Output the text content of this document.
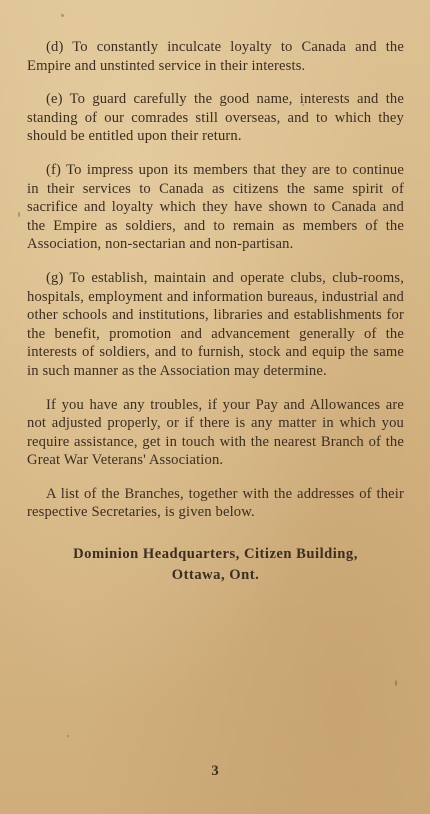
(d) To constantly inculcate loyalty to Canada and the Empire and unstinted service in their interests.

(e) To guard carefully the good name, interests and the standing of our comrades still overseas, and to which they should be entitled upon their return.

(f) To impress upon its members that they are to continue in their services to Canada as citizens the same spirit of sacrifice and loyalty which they have shown to Canada and the Empire as soldiers, and to remain as members of the Association, non-sectarian and non-partisan.

(g) To establish, maintain and operate clubs, club-rooms, hospitals, employment and information bureaus, industrial and other schools and institutions, libraries and establishments for the benefit, promotion and advancement generally of the interests of soldiers, and to furnish, stock and equip the same in such manner as the Association may determine.

If you have any troubles, if your Pay and Allowances are not adjusted properly, or if there is any matter in which you require assistance, get in touch with the nearest Branch of the Great War Veterans' Association.

A list of the Branches, together with the addresses of their respective Secretaries, is given below.

Dominion Headquarters, Citizen Building,
Ottawa, Ont.
3
